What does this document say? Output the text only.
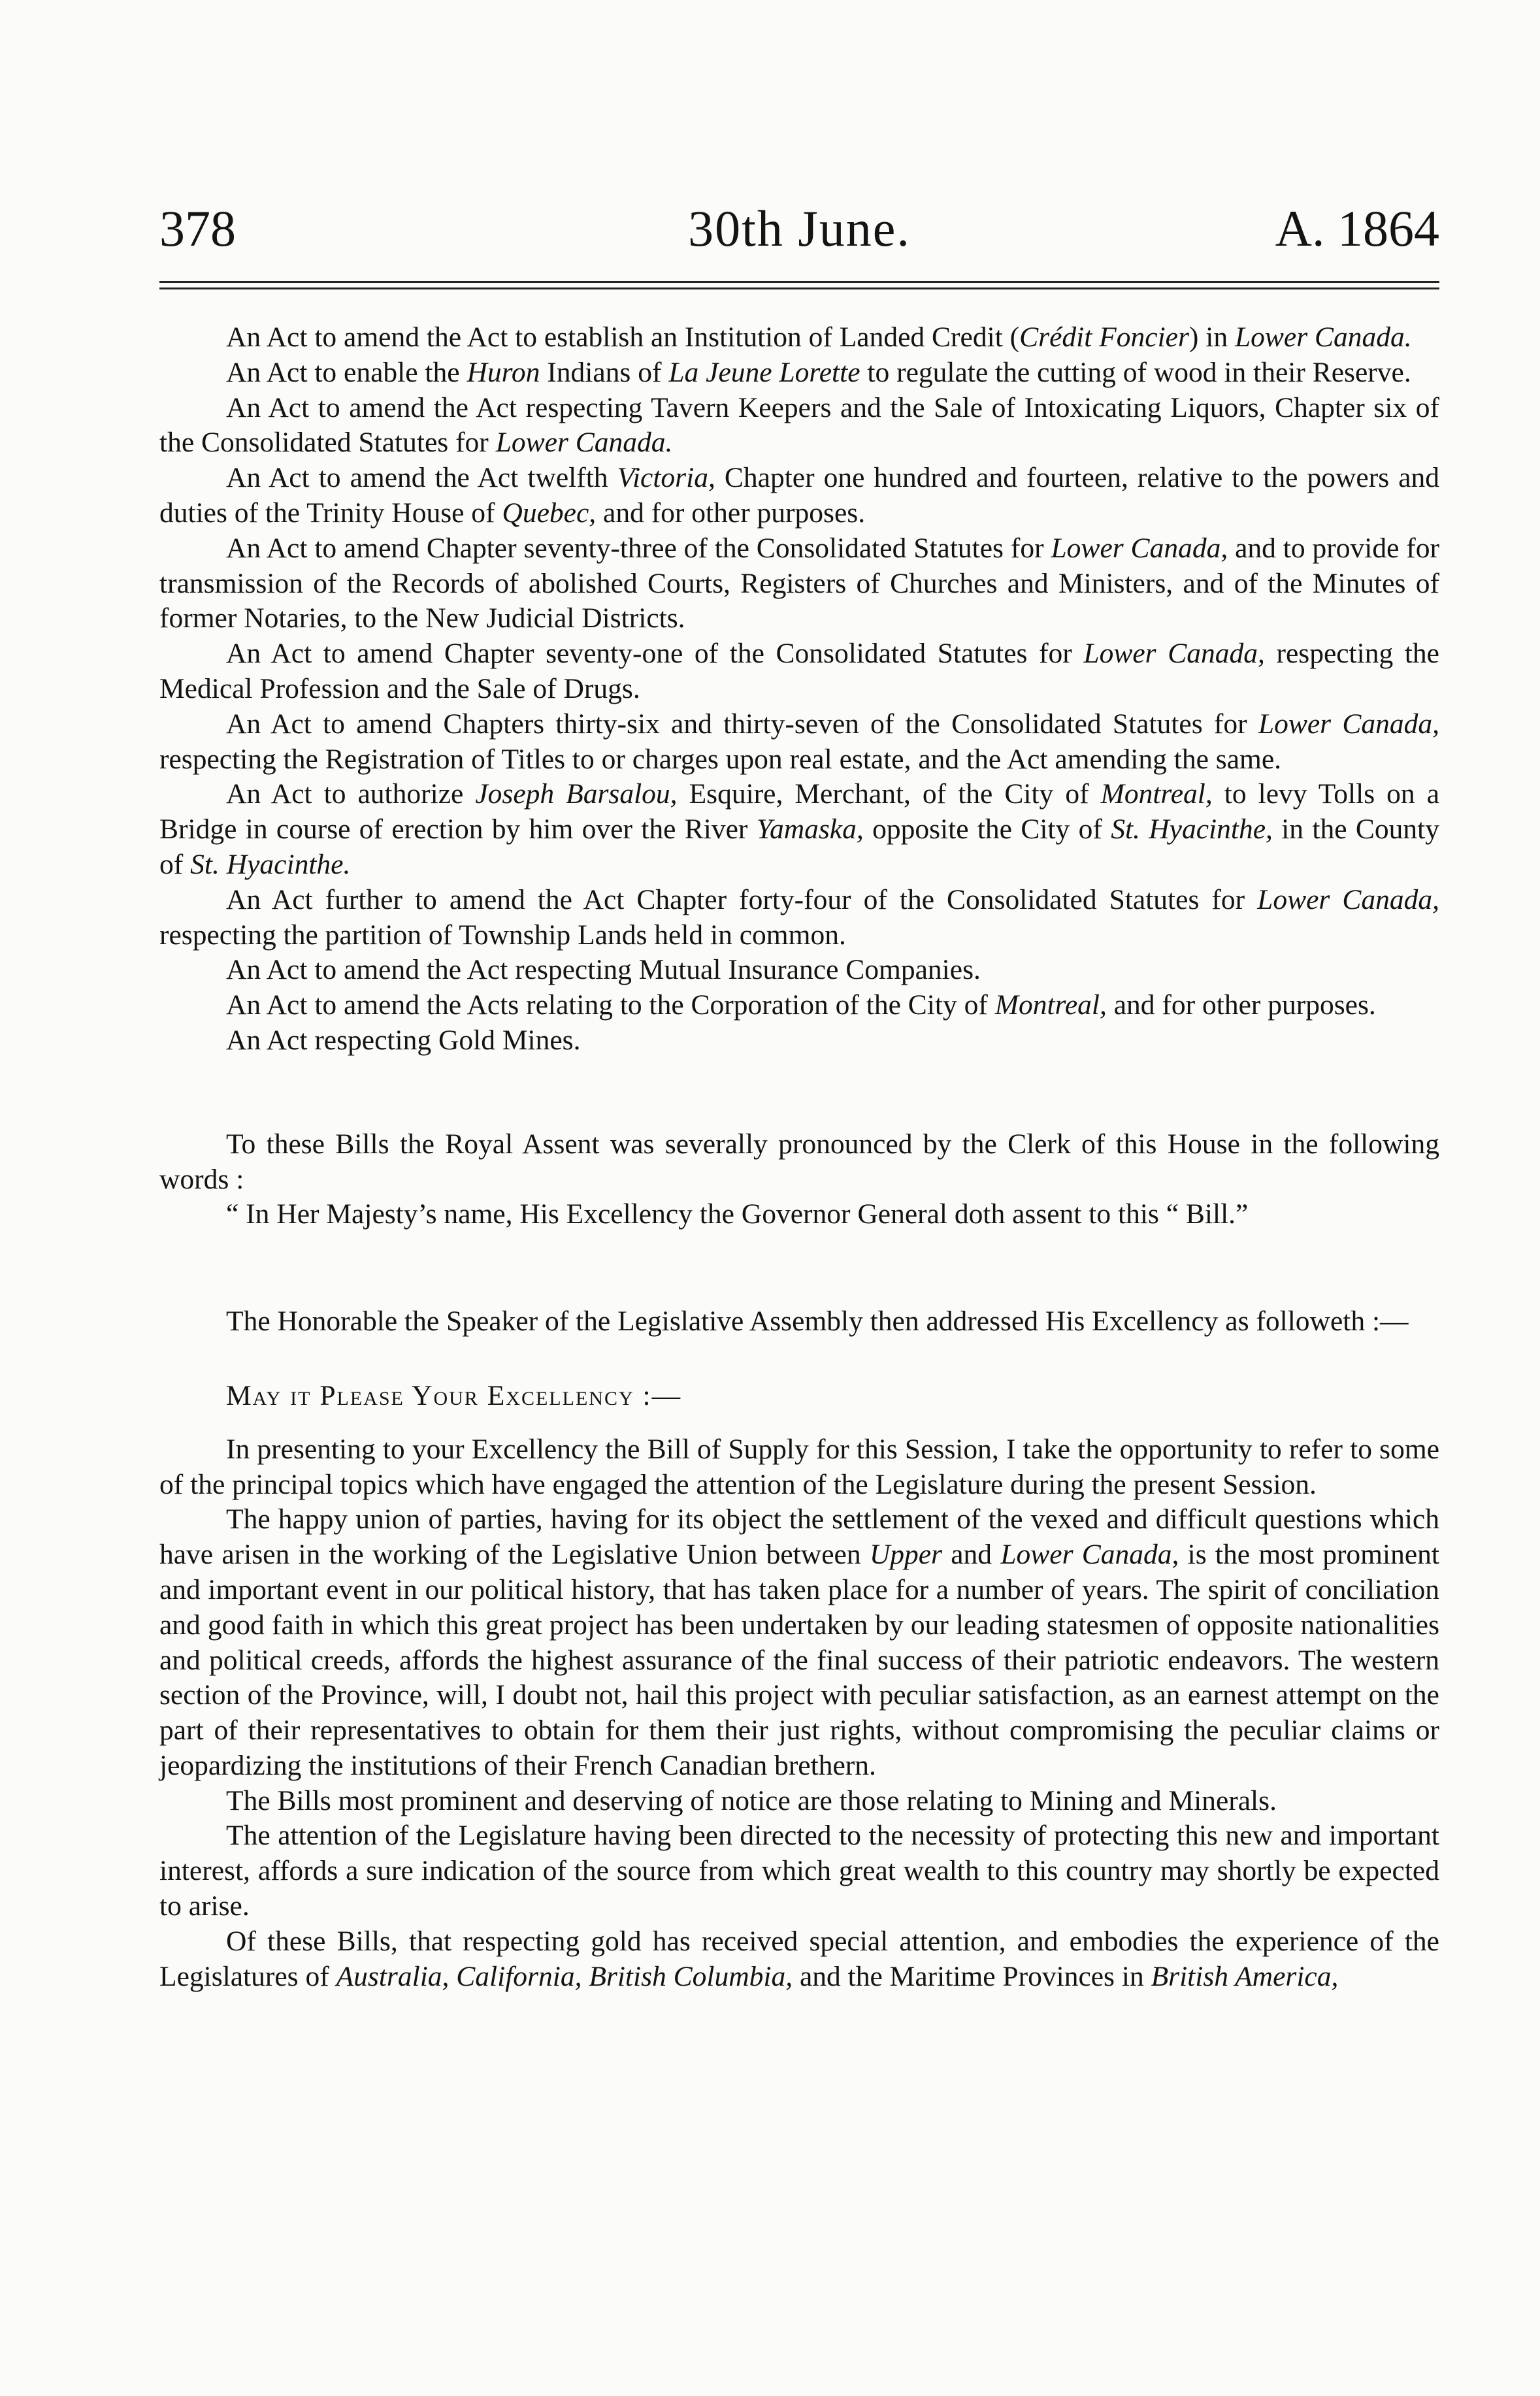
378	30th June.	A. 1864

An Act to amend the Act to establish an Institution of Landed Credit (Crédit Foncier) in Lower Canada.

An Act to enable the Huron Indians of La Jeune Lorette to regulate the cutting of wood in their Reserve.

An Act to amend the Act respecting Tavern Keepers and the Sale of Intoxicating Liquors, Chapter six of the Consolidated Statutes for Lower Canada.

An Act to amend the Act twelfth Victoria, Chapter one hundred and fourteen, relative to the powers and duties of the Trinity House of Quebec, and for other purposes.

An Act to amend Chapter seventy-three of the Consolidated Statutes for Lower Canada, and to provide for transmission of the Records of abolished Courts, Registers of Churches and Ministers, and of the Minutes of former Notaries, to the New Judicial Districts.

An Act to amend Chapter seventy-one of the Consolidated Statutes for Lower Canada, respecting the Medical Profession and the Sale of Drugs.

An Act to amend Chapters thirty-six and thirty-seven of the Consolidated Statutes for Lower Canada, respecting the Registration of Titles to or charges upon real estate, and the Act amending the same.

An Act to authorize Joseph Barsalou, Esquire, Merchant, of the City of Montreal, to levy Tolls on a Bridge in course of erection by him over the River Yamaska, opposite the City of St. Hyacinthe, in the County of St. Hyacinthe.

An Act further to amend the Act Chapter forty-four of the Consolidated Statutes for Lower Canada, respecting the partition of Township Lands held in common.

An Act to amend the Act respecting Mutual Insurance Companies.

An Act to amend the Acts relating to the Corporation of the City of Montreal, and for other purposes.

An Act respecting Gold Mines.

To these Bills the Royal Assent was severally pronounced by the Clerk of this House in the following words :

“ In Her Majesty’s name, His Excellency the Governor General doth assent to this “ Bill.”

The Honorable the Speaker of the Legislative Assembly then addressed His Excellency as followeth :—

May it Please Your Excellency :—

In presenting to your Excellency the Bill of Supply for this Session, I take the opportunity to refer to some of the principal topics which have engaged the attention of the Legislature during the present Session.

The happy union of parties, having for its object the settlement of the vexed and difficult questions which have arisen in the working of the Legislative Union between Upper and Lower Canada, is the most prominent and important event in our political history, that has taken place for a number of years. The spirit of conciliation and good faith in which this great project has been undertaken by our leading statesmen of opposite nationalities and political creeds, affords the highest assurance of the final success of their patriotic endeavors. The western section of the Province, will, I doubt not, hail this project with peculiar satisfaction, as an earnest attempt on the part of their representatives to obtain for them their just rights, without compromising the peculiar claims or jeopardizing the institutions of their French Canadian brethern.

The Bills most prominent and deserving of notice are those relating to Mining and Minerals.

The attention of the Legislature having been directed to the necessity of protecting this new and important interest, affords a sure indication of the source from which great wealth to this country may shortly be expected to arise.

Of these Bills, that respecting gold has received special attention, and embodies the experience of the Legislatures of Australia, California, British Columbia, and the Maritime Provinces in British America,
